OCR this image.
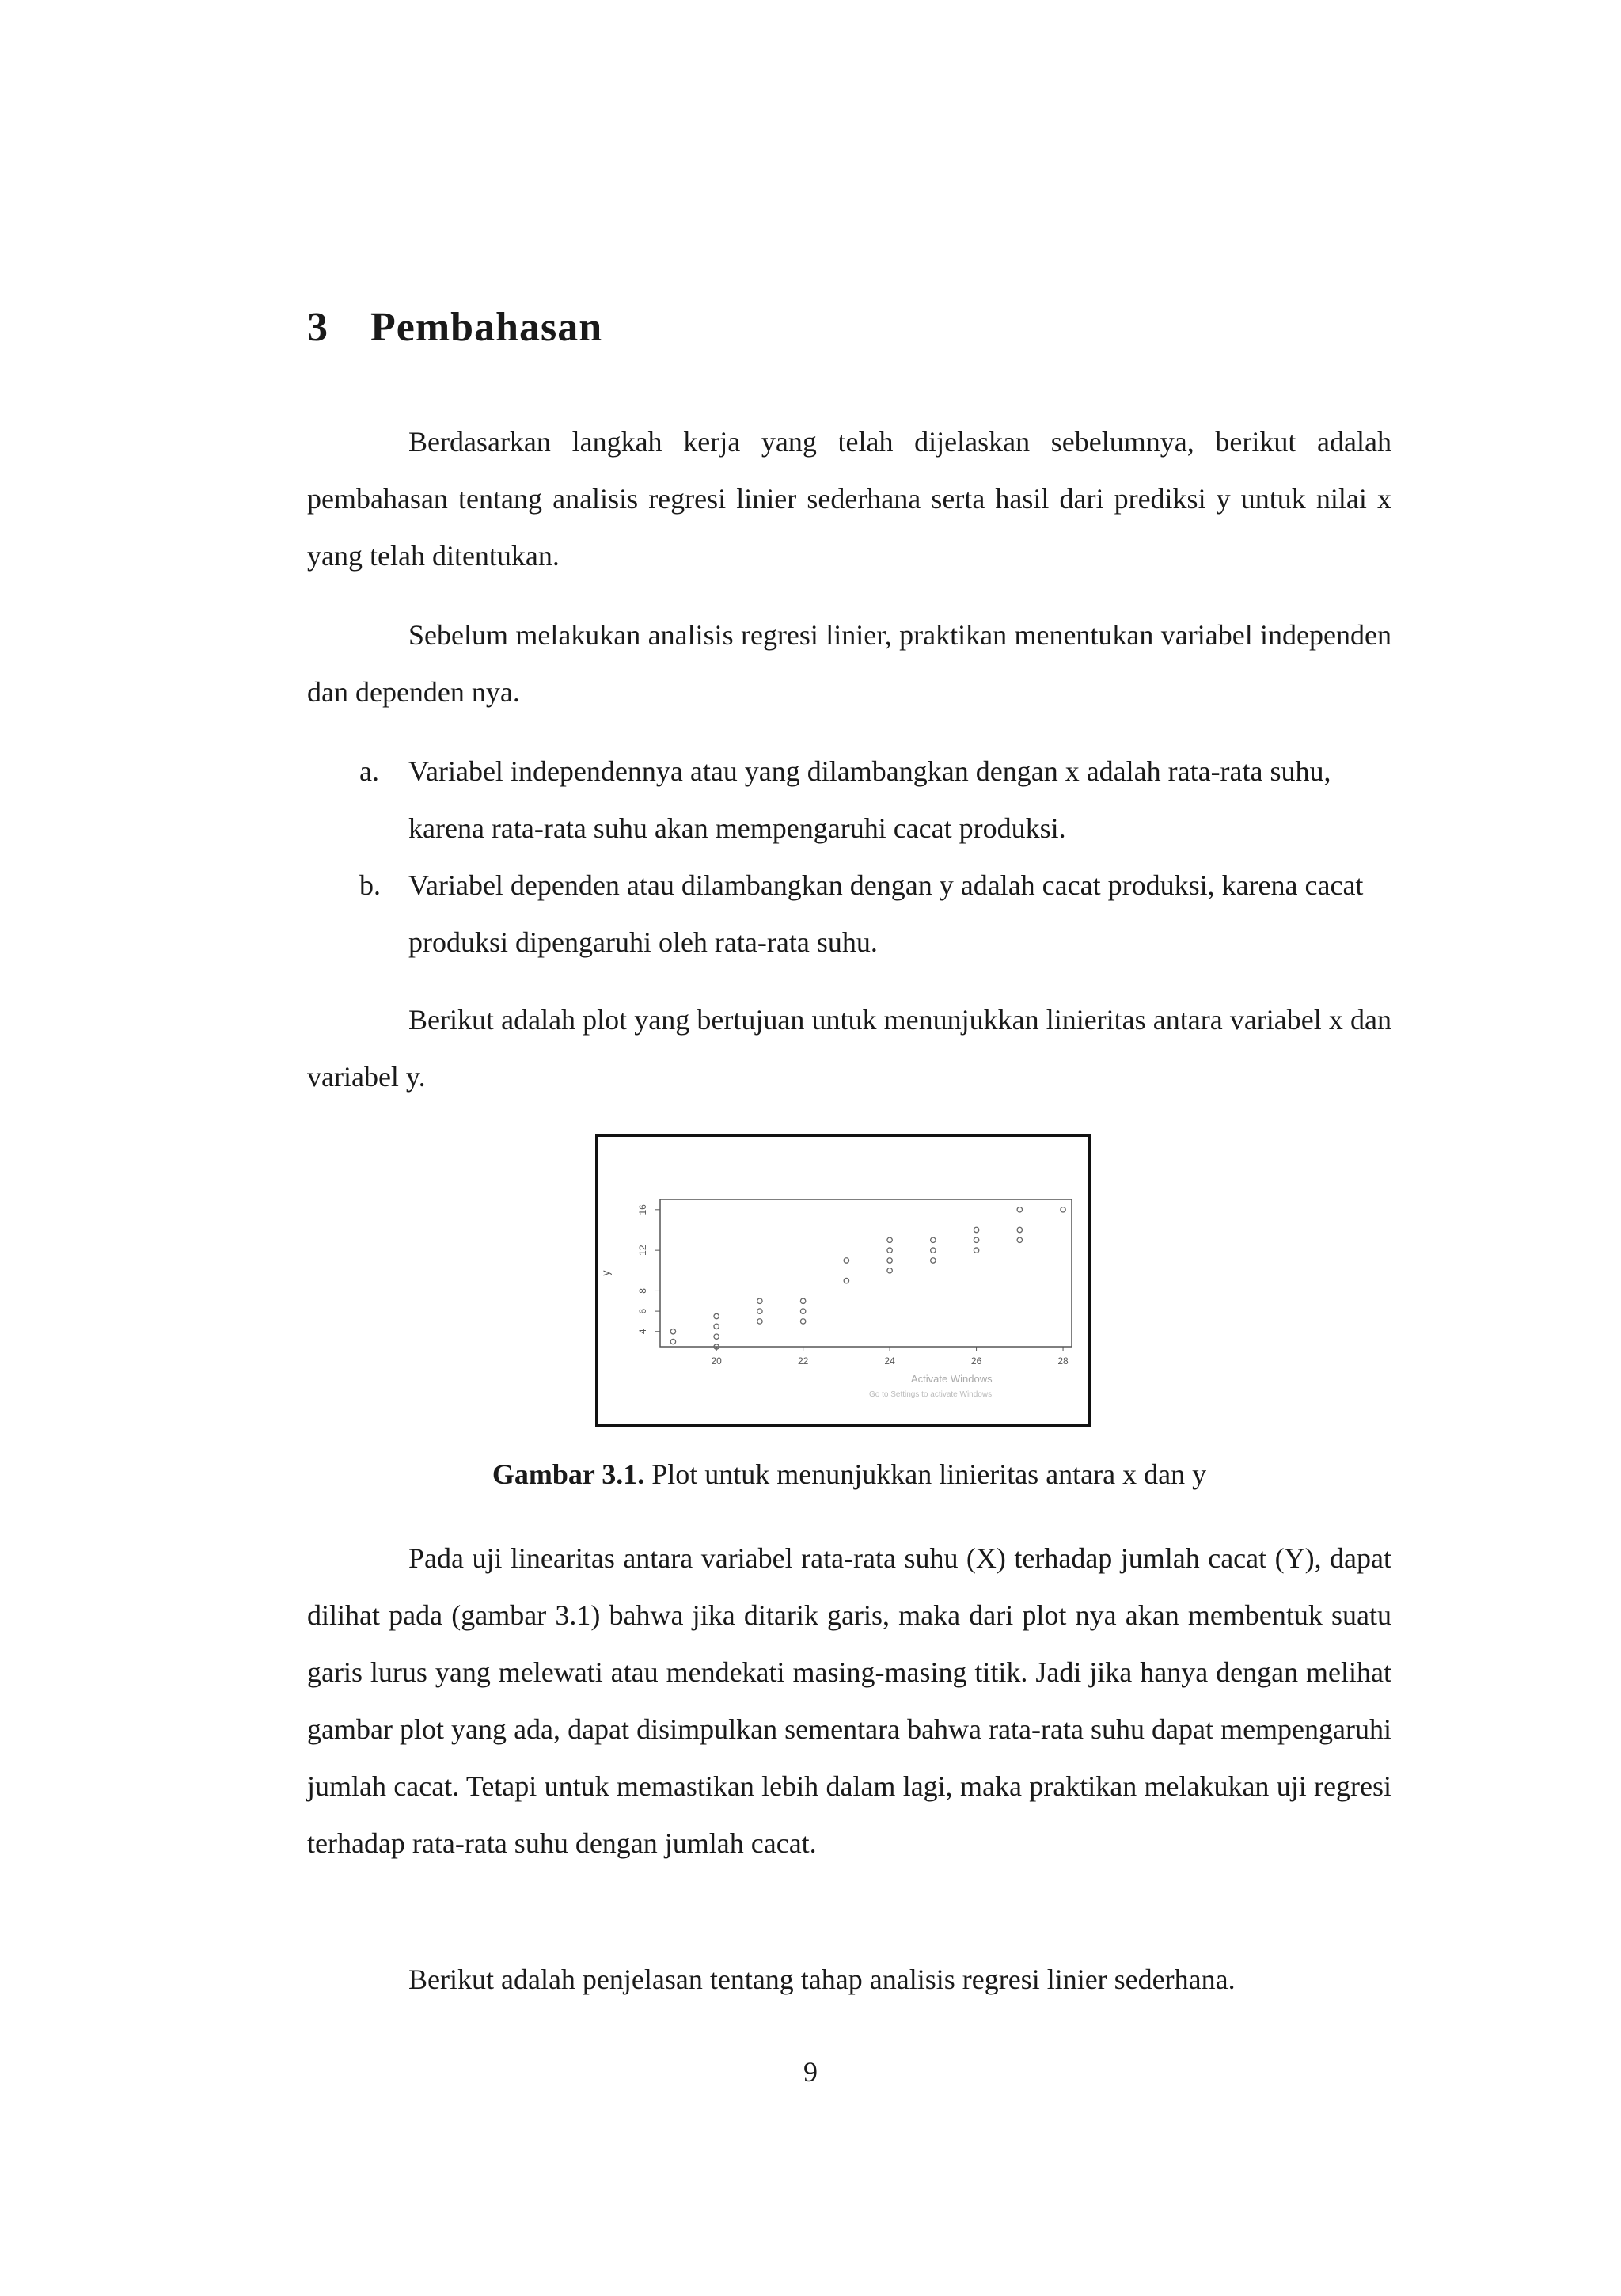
3 Pembahasan

Berdasarkan langkah kerja yang telah dijelaskan sebelumnya, berikut adalah pembahasan tentang analisis regresi linier sederhana serta hasil dari prediksi y untuk nilai x yang telah ditentukan.

Sebelum melakukan analisis regresi linier, praktikan menentukan variabel independen dan dependen nya.

a. Variabel independennya atau yang dilambangkan dengan x adalah rata-rata suhu, karena rata-rata suhu akan mempengaruhi cacat produksi.
b. Variabel dependen atau dilambangkan dengan y adalah cacat produksi, karena cacat produksi dipengaruhi oleh rata-rata suhu.

Berikut adalah plot yang bertujuan untuk menunjukkan linieritas antara variabel x dan variabel y.

20	22	24	26	28
4
6
8
12
16
y
Activate Windows
Go to Settings to activate Windows.

Gambar 3.1. Plot untuk menunjukkan linieritas antara x dan y

Pada uji linearitas antara variabel rata-rata suhu (X) terhadap jumlah cacat (Y), dapat dilihat pada (gambar 3.1) bahwa jika ditarik garis, maka dari plot nya akan membentuk suatu garis lurus yang melewati atau mendekati masing-masing titik. Jadi jika hanya dengan melihat gambar plot yang ada, dapat disimpulkan sementara bahwa rata-rata suhu dapat mempengaruhi jumlah cacat. Tetapi untuk memastikan lebih dalam lagi, maka praktikan melakukan uji regresi terhadap rata-rata suhu dengan jumlah cacat.

Berikut adalah penjelasan tentang tahap analisis regresi linier sederhana.

9
